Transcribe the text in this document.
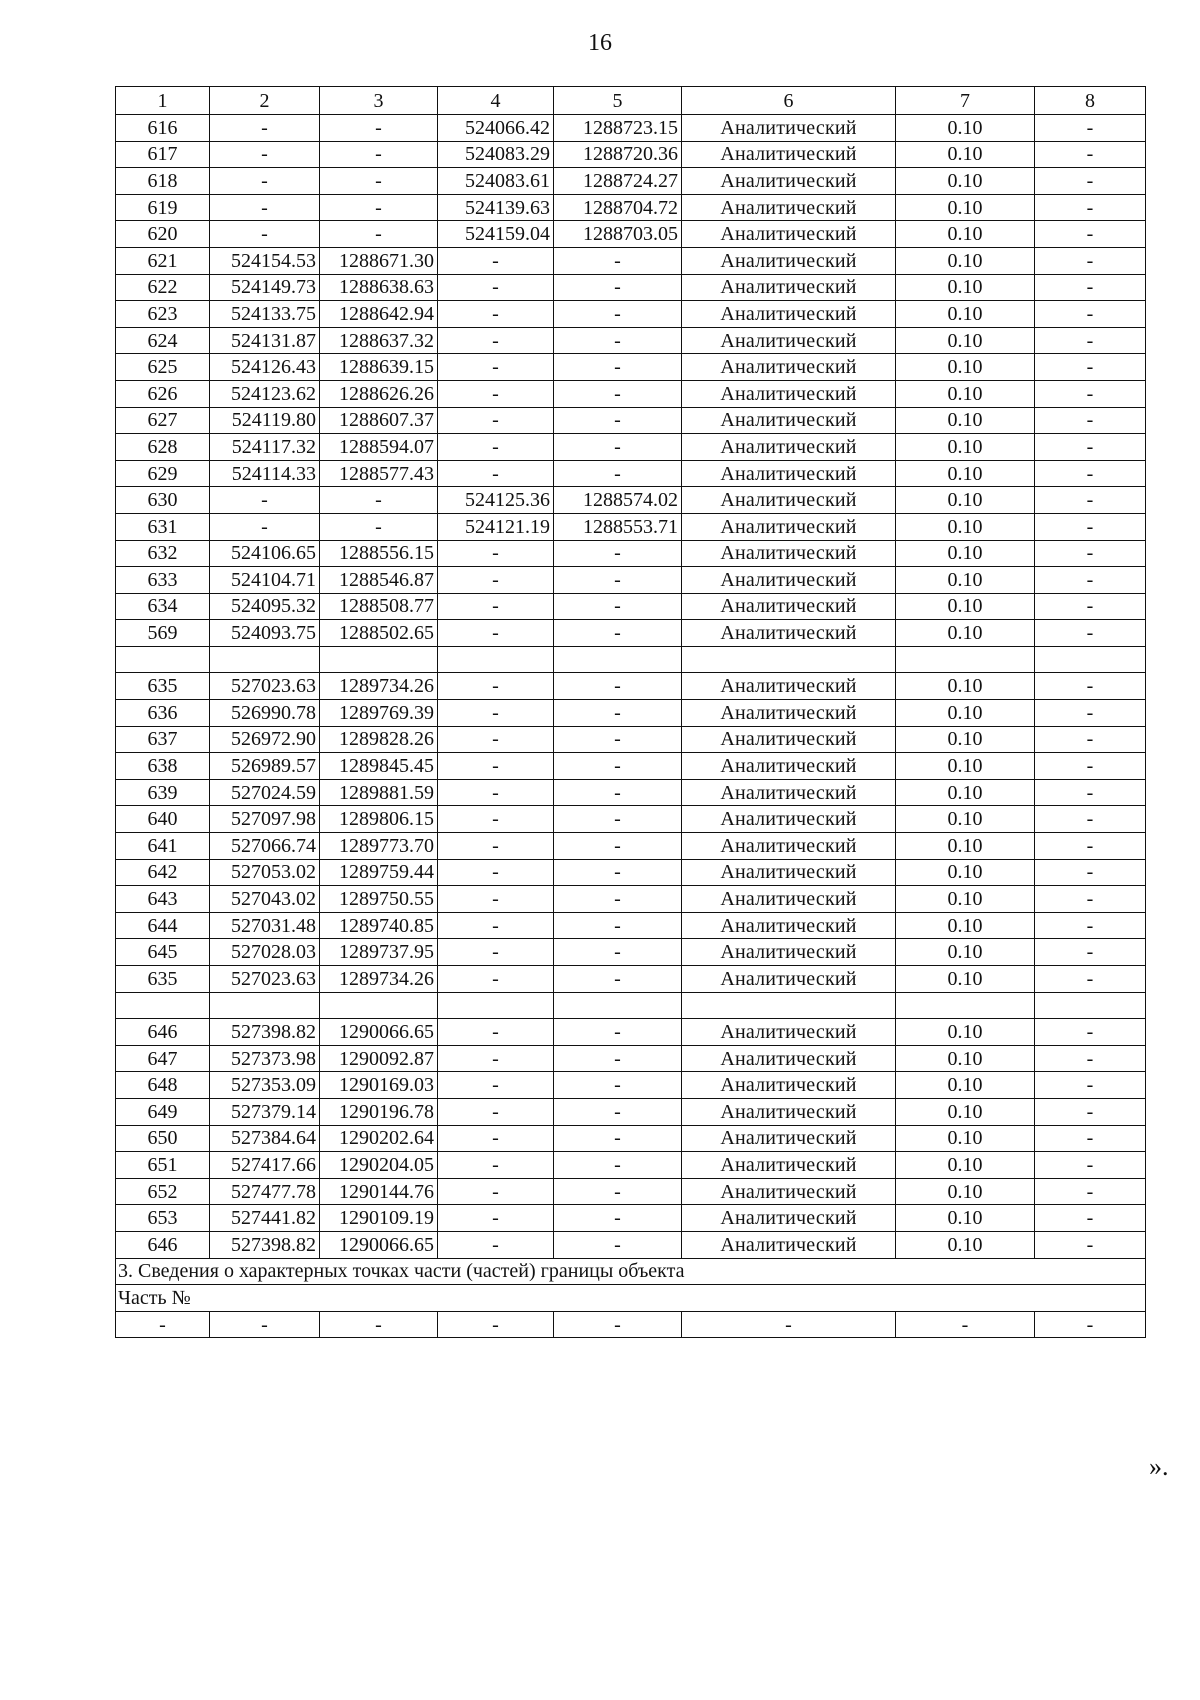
16
1	2	3	4	5	6	7	8
616	-	-	524066.42	1288723.15	Аналитический	0.10	-
617	-	-	524083.29	1288720.36	Аналитический	0.10	-
618	-	-	524083.61	1288724.27	Аналитический	0.10	-
619	-	-	524139.63	1288704.72	Аналитический	0.10	-
620	-	-	524159.04	1288703.05	Аналитический	0.10	-
621	524154.53	1288671.30	-	-	Аналитический	0.10	-
622	524149.73	1288638.63	-	-	Аналитический	0.10	-
623	524133.75	1288642.94	-	-	Аналитический	0.10	-
624	524131.87	1288637.32	-	-	Аналитический	0.10	-
625	524126.43	1288639.15	-	-	Аналитический	0.10	-
626	524123.62	1288626.26	-	-	Аналитический	0.10	-
627	524119.80	1288607.37	-	-	Аналитический	0.10	-
628	524117.32	1288594.07	-	-	Аналитический	0.10	-
629	524114.33	1288577.43	-	-	Аналитический	0.10	-
630	-	-	524125.36	1288574.02	Аналитический	0.10	-
631	-	-	524121.19	1288553.71	Аналитический	0.10	-
632	524106.65	1288556.15	-	-	Аналитический	0.10	-
633	524104.71	1288546.87	-	-	Аналитический	0.10	-
634	524095.32	1288508.77	-	-	Аналитический	0.10	-
569	524093.75	1288502.65	-	-	Аналитический	0.10	-

635	527023.63	1289734.26	-	-	Аналитический	0.10	-
636	526990.78	1289769.39	-	-	Аналитический	0.10	-
637	526972.90	1289828.26	-	-	Аналитический	0.10	-
638	526989.57	1289845.45	-	-	Аналитический	0.10	-
639	527024.59	1289881.59	-	-	Аналитический	0.10	-
640	527097.98	1289806.15	-	-	Аналитический	0.10	-
641	527066.74	1289773.70	-	-	Аналитический	0.10	-
642	527053.02	1289759.44	-	-	Аналитический	0.10	-
643	527043.02	1289750.55	-	-	Аналитический	0.10	-
644	527031.48	1289740.85	-	-	Аналитический	0.10	-
645	527028.03	1289737.95	-	-	Аналитический	0.10	-
635	527023.63	1289734.26	-	-	Аналитический	0.10	-

646	527398.82	1290066.65	-	-	Аналитический	0.10	-
647	527373.98	1290092.87	-	-	Аналитический	0.10	-
648	527353.09	1290169.03	-	-	Аналитический	0.10	-
649	527379.14	1290196.78	-	-	Аналитический	0.10	-
650	527384.64	1290202.64	-	-	Аналитический	0.10	-
651	527417.66	1290204.05	-	-	Аналитический	0.10	-
652	527477.78	1290144.76	-	-	Аналитический	0.10	-
653	527441.82	1290109.19	-	-	Аналитический	0.10	-
646	527398.82	1290066.65	-	-	Аналитический	0.10	-
3. Сведения о характерных точках части (частей) границы объекта							
Часть №							
-	-	-	-	-	-	-	-
».
